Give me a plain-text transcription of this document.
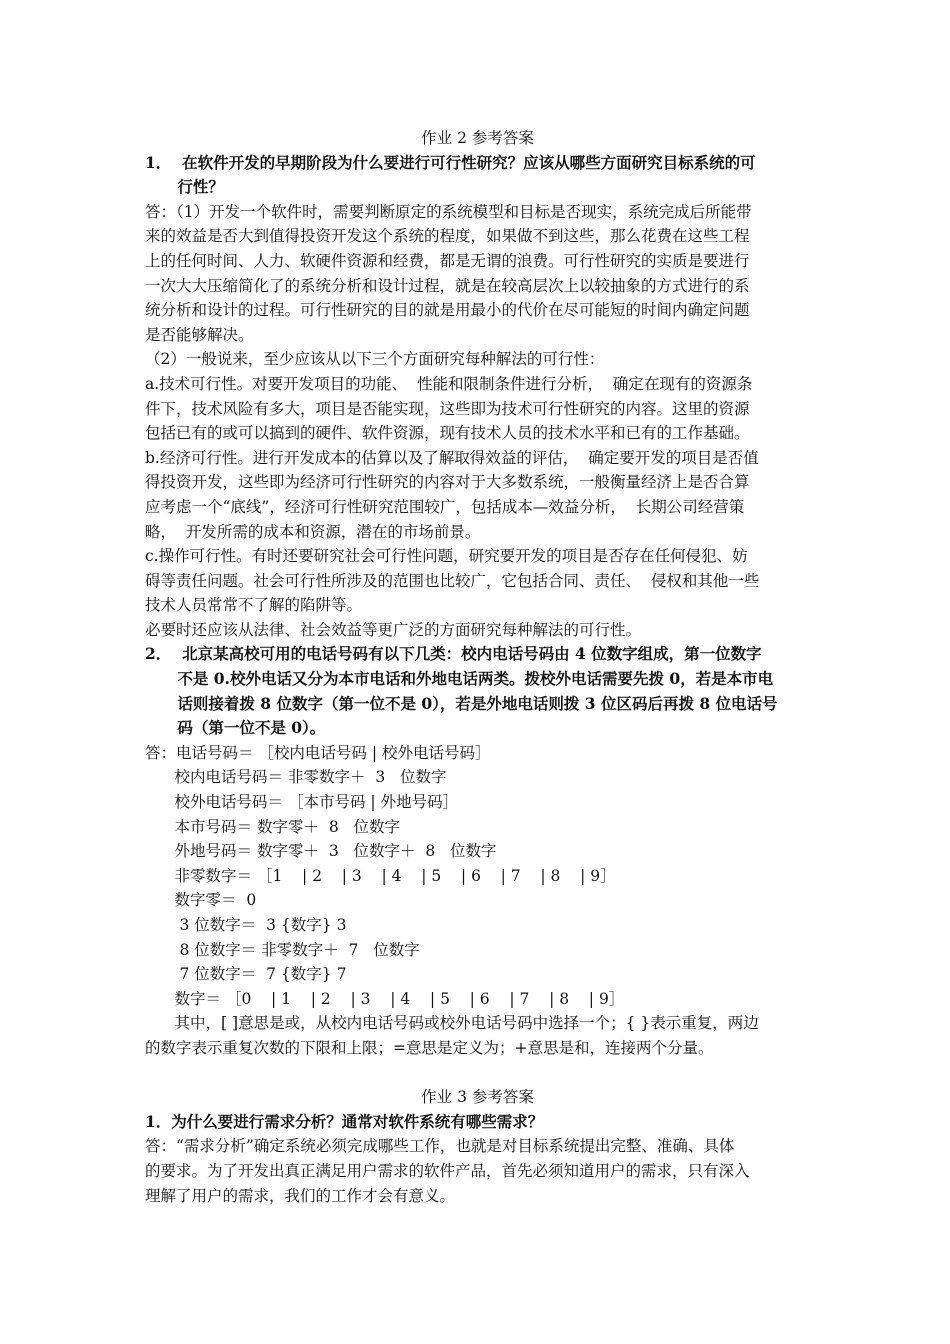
作业 2 参考答案
1．  在软件开发的早期阶段为什么要进行可行性研究？应该从哪些方面研究目标系统的可
行性？
答：（1）开发一个软件时，需要判断原定的系统模型和目标是否现实，系统完成后所能带
来的效益是否大到值得投资开发这个系统的程度，如果做不到这些，那么花费在这些工程
上的任何时间、人力、软硬件资源和经费，都是无谓的浪费。可行性研究的实质是要进行
一次大大压缩简化了的系统分析和设计过程，就是在较高层次上以较抽象的方式进行的系
统分析和设计的过程。可行性研究的目的就是用最小的代价在尽可能短的时间内确定问题
是否能够解决。
（2）一般说来，至少应该从以下三个方面研究每种解法的可行性：
a.技术可行性。对要开发项目的功能、  性能和限制条件进行分析，  确定在现有的资源条
件下，技术风险有多大，项目是否能实现，这些即为技术可行性研究的内容。这里的资源
包括已有的或可以搞到的硬件、软件资源，现有技术人员的技术水平和已有的工作基础。
b.经济可行性。进行开发成本的估算以及了解取得效益的评估，  确定要开发的项目是否值
得投资开发，这些即为经济可行性研究的内容对于大多数系统，一般衡量经济上是否合算
应考虑一个“底线”，经济可行性研究范围较广，包括成本—效益分析，  长期公司经营策
略，  开发所需的成本和资源，潜在的市场前景。
c.操作可行性。有时还要研究社会可行性问题，研究要开发的项目是否存在任何侵犯、妨
碍等责任问题。社会可行性所涉及的范围也比较广，它包括合同、责任、  侵权和其他一些
技术人员常常不了解的陷阱等。
必要时还应该从法律、社会效益等更广泛的方面研究每种解法的可行性。
2．  北京某高校可用的电话号码有以下几类：校内电话号码由 4 位数字组成，第一位数字
不是 0.校外电话又分为本市电话和外地电话两类。拨校外电话需要先拨 0，若是本市电
话则接着拨 8 位数字（第一位不是 0），若是外地电话则拨 3 位区码后再拨 8 位电话号
码（第一位不是 0）。
答：电话号码＝ ［校内电话号码 | 校外电话号码］
校内电话号码＝ 非零数字＋  3   位数字
校外电话号码＝ ［本市号码 | 外地号码］
本市号码＝ 数字零＋  8   位数字
外地号码＝ 数字零＋  3   位数字＋  8   位数字
非零数字＝ ［1    | 2    | 3    | 4    | 5    | 6    | 7    | 8    | 9］
数字零＝  0
3 位数字＝  3 {数字} 3
8 位数字＝ 非零数字＋  7   位数字
7 位数字＝  7 {数字} 7
数字＝ ［0    | 1    | 2    | 3    | 4    | 5    | 6    | 7    | 8    | 9］
其中，[ ]意思是或，从校内电话号码或校外电话号码中选择一个；{ }表示重复，两边
的数字表示重复次数的下限和上限；=意思是定义为；+意思是和，连接两个分量。
作业 3 参考答案
1．为什么要进行需求分析？通常对软件系统有哪些需求？
答：“需求分析”确定系统必须完成哪些工作，也就是对目标系统提出完整、准确、具体
的要求。为了开发出真正满足用户需求的软件产品，首先必须知道用户的需求，只有深入
理解了用户的需求，我们的工作才会有意义。
